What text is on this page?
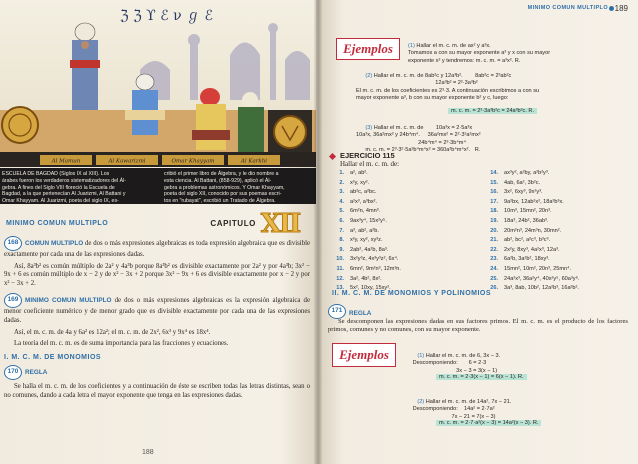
ℨ ℨ ϒ ℰ ν ℊ ℰ
Al Mamun	Al Kawarizmi	Omar Khayyam	Al Karkhi
ESCUELA DE BAGDAD (Siglos IX al XIII). Los
árabes fueron los verdaderos sistematizadores del Ál-
gebra. A fines del Siglo VIII floreció la Escuela de
Bagdad, a la que pertenecían Al Juarizmi, Al Battani y
Omar Khayyam. Al Juarizmi, poeta del siglo IX, es-
cribió el primer libro de Álgebra, y le dio nombre a
esta ciencia. Al Battani, (858-929), aplicó el Ál-
gebra a problemas astronómicos. Y Omar Khayyam,
poeta del siglo XII, conocido por sus poemas escri-
tos en "rubayat", escribió un Tratado de Álgebra.
MINIMO COMUN MULTIPLO	CAPITULO XII

168 COMUN MULTIPLO de dos o más expresiones algebraicas es toda expresión algebraica que es divisible exactamente por cada una de las expresiones dadas.

Así, 8a³b² es común múltiplo de 2a² y 4a³b porque 8a³b² es divisible exactamente por 2a² y por 4a³b; 3x² − 9x + 6 es común múltiplo de x − 2 y de x² − 3x + 2 porque 3x² − 9x + 6 es divisible exactamente por x − 2 y por x² − 3x + 2.

169 MINIMO COMUN MULTIPLO de dos o más expresiones algebraicas es la expresión algebraica de menor coeficiente numérico y de menor grado que es divisible exactamente por cada una de las expresiones dadas.

Así, el m. c. m. de 4a y 6a² es 12a²; el m. c. m. de 2x², 6x³ y 9x⁴ es 18x⁴.

La teoría del m. c. m. es de suma importancia para las fracciones y ecuaciones.

I. M. C. M. DE MONOMIOS

170 REGLA

Se halla el m. c. m. de los coeficientes y a continuación de éste se escriben todas las letras distintas, sean o no comunes, dando a cada letra el mayor exponente que tenga en las expresiones dadas.

188
MINIMO COMUN MULTIPLO 189
Ejemplos	(1) Hallar el m. c. m. de ax² y a³x.
Tomamos a con su mayor exponente a³ y x con su mayor
exponente x² y tendremos: m. c. m. = a³x². R.

(2) Hallar el m. c. m. de 8ab²c y 12a³b².        8ab²c = 2³ab²c
12a³b² = 2²·3a³b²
El m. c. m. de los coeficientes es 2³·3. A continuación escribimos a con su
mayor exponente a³, b con su mayor exponente b² y c, luego:

m. c. m. = 2³·3a³b²c = 24a³b²c. R.

(3) Hallar el m. c. m. de        10a³x = 2·5a³x
10a³x, 36a²mx² y 24b⁴m⁴.     36a²mx² = 2²·3²a²mx²
24b⁴m⁴ = 2³·3b⁴m⁴
m. c. m. = 2³·3²·5a³b⁴m⁴x² = 360a³b⁴m⁴x².   R.

EJERCICIO 115
Hallar el m. c. m. de:
1. a², ab².
2. x²y, xy².
3. ab²c, a²bc.
4. a²x³, a³bx².
5. 6m²n, 4mn³.
6. 9ax³y⁴, 15x²y⁵.
7. a³, ab², a²b.
8. x²y, xy², xy³z.
9. 2ab², 4a²b, 8a³.
10. 3x²y³z, 4x³y³z², 6x⁴.
11. 6mn², 9m²n³, 12m³n.
12. 3a², 4b², 8x².
13. 5x², 10xy, 15xy².
14. ax³y², a²by, a²b²y³.
15. 4ab, 6a², 3b²c.
16. 3x², 6xy³, 9x²y³.
17. 9a²bx, 12ab²x², 18a³b³x.
18. 10m³, 15mn², 20n³.
19. 18a³, 24b², 36ab³.
20. 20m²n³, 24m³n, 30mn².
21. ab², bc², a²c³, b³c³.
22. 2x²y, 8xy³, 4a²x³, 12a³.
23. 6a²b, 3a²b², 18xy³.
24. 15mn², 10m², 20n³, 25mn⁴.
25. 24a²x³, 36a²y⁴, 40x²y⁵, 60a³y⁶.
26. 3a³, 8ab, 10b², 12a²b³, 16a²b².
II. M. C. M. DE MONOMIOS Y POLINOMIOS
171 REGLA
Se descomponen las expresiones dadas en sus factores primos. El m. c. m. es el producto de los factores primos, comunes y no comunes, con su mayor exponente.
Ejemplos	(1) Hallar el m. c. m. de 6, 3x − 3.
Descomponiendo:       6 = 2·3
3x − 3 = 3(x − 1)

m. c. m. = 2·3(x − 1) = 6(x − 1). R.

(2) Hallar el m. c. m. de 14a², 7x − 21.
Descomponiendo:    14a² = 2·7a²
7x − 21 = 7(x − 3)

m. c. m. = 2·7·a²(x − 3) = 14a²(x − 3). R.
